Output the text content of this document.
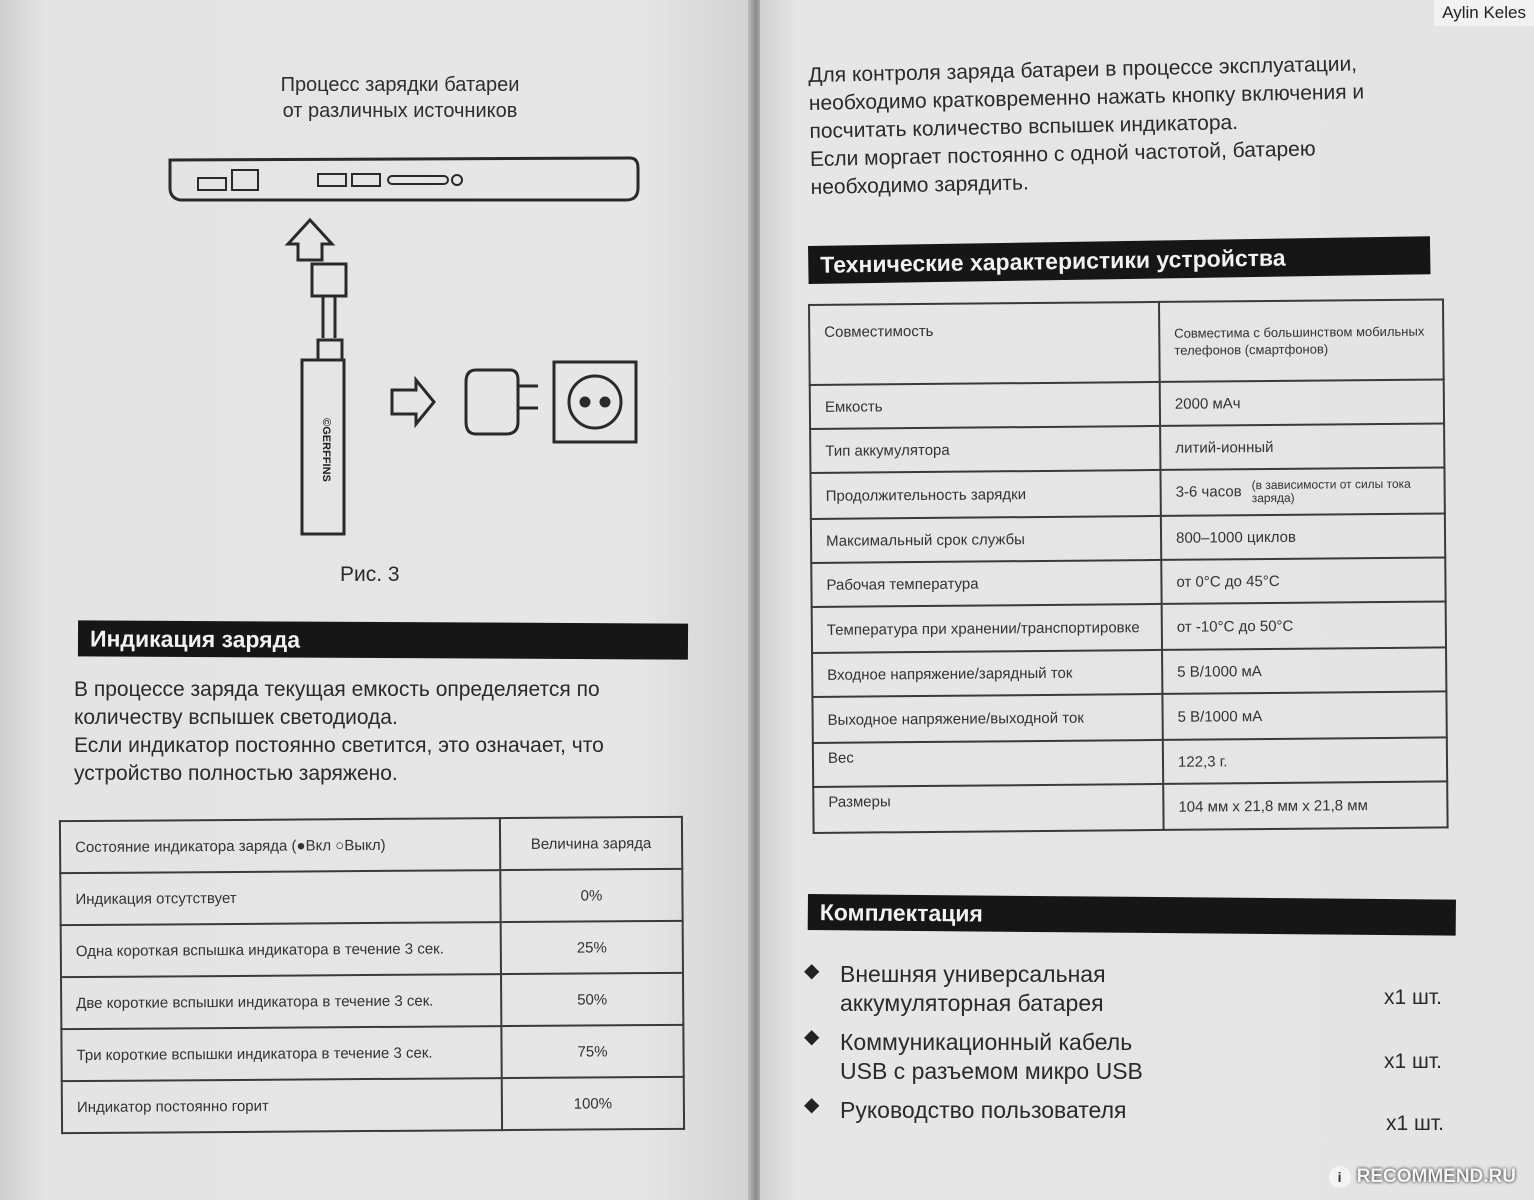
Процесс зарядки батареи
от различных источников
©GERFFINS
Рис. 3
Индикация заряда
В процессе заряда текущая емкость определяется по количеству вспышек светодиода.
Если индикатор постоянно светится, это означает, что устройство полностью заряжено.
Состояние индикатора заряда (●Вкл ○Выкл)	Величина заряда
Индикация отсутствует	0%
Одна короткая вспышка индикатора в течение 3 сек.	25%
Две короткие вспышки индикатора в течение 3 сек.	50%
Три короткие вспышки индикатора в течение 3 сек.	75%
Индикатор постоянно горит	100%
Для контроля заряда батареи в процессе эксплуатации, необходимо кратковременно нажать кнопку включения и посчитать количество вспышек индикатора.
Если моргает постоянно с одной частотой, батарею необходимо зарядить.
Технические характеристики устройства
Совместимость	Совместима с большинством мобильных телефонов (смартфонов)
Емкость	2000 мАч
Тип аккумулятора	литий-ионный
Продолжительность зарядки	3-6 часов (в зависимости от силы тока заряда)
Максимальный срок службы	800–1000 циклов
Рабочая температура	от 0°С до 45°С
Температура при хранении/транспортировке	от -10°С до 50°С
Входное напряжение/зарядный ток	5 В/1000 мА
Выходное напряжение/выходной ток	5 В/1000 мА
Вес	122,3 г.
Размеры	104 мм х 21,8 мм х 21,8 мм
Комплектация
◆ Внешняя универсальная
аккумуляторная батарея	х1 шт.
◆ Коммуникационный кабель
USB с разъемом микро USB	х1 шт.
◆ Руководство пользователя
х1 шт.
Aylin Keles
i RECOMMEND.RU
